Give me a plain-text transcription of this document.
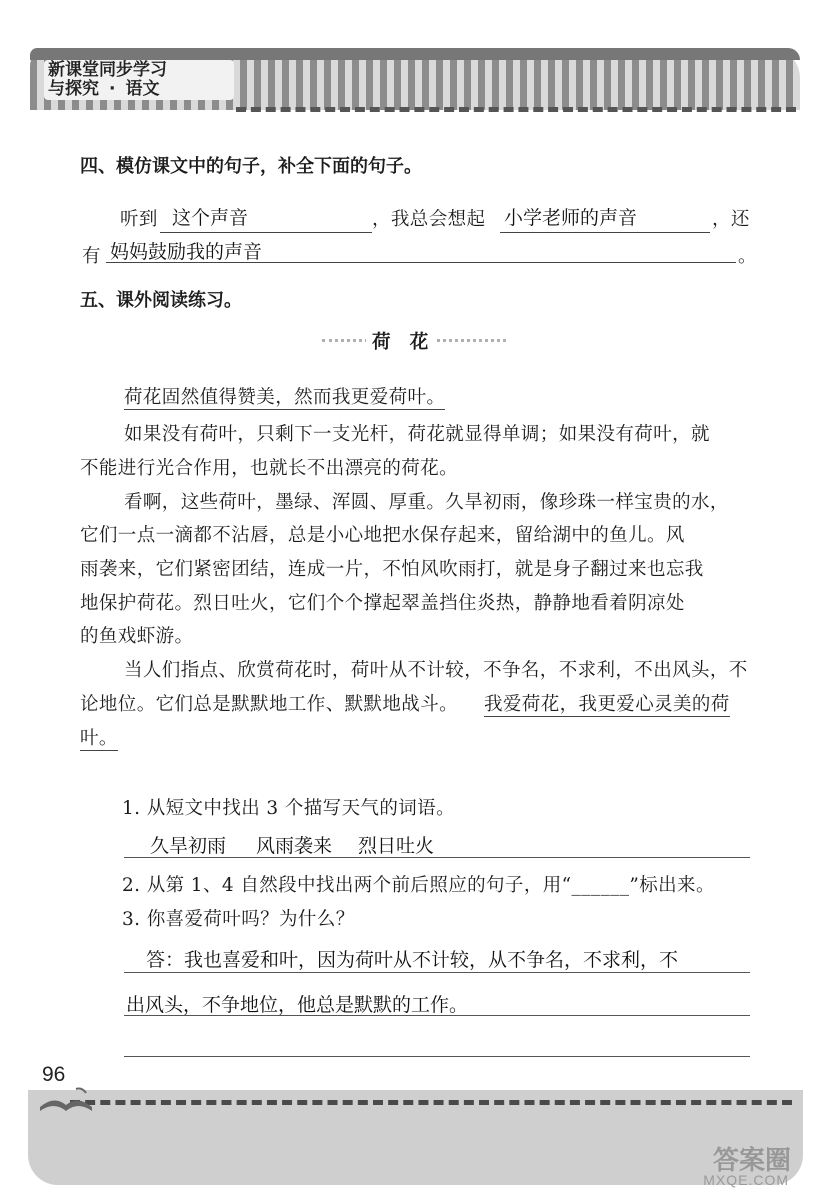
新课堂同步学习
与探究 · 语文
四、模仿课文中的句子，补全下面的句子。
听到 这个声音	，我总会想起 小学老师的声音	，还
有 妈妈鼓励我的声音	。
五、课外阅读练习。
荷　花
荷花固然值得赞美，然而我更爱荷叶。
如果没有荷叶，只剩下一支光杆，荷花就显得单调；如果没有荷叶，就
不能进行光合作用，也就长不出漂亮的荷花。
看啊，这些荷叶，墨绿、浑圆、厚重。久旱初雨，像珍珠一样宝贵的水，
它们一点一滴都不沾唇，总是小心地把水保存起来，留给湖中的鱼儿。风
雨袭来，它们紧密团结，连成一片，不怕风吹雨打，就是身子翻过来也忘我
地保护荷花。烈日吐火，它们个个撑起翠盖挡住炎热，静静地看着阴凉处
的鱼戏虾游。
当人们指点、欣赏荷花时，荷叶从不计较，不争名，不求利，不出风头，不
论地位。它们总是默默地工作、默默地战斗。 我爱荷花，我更爱心灵美的荷
叶。
1. 从短文中找出 3 个描写天气的词语。
久旱初雨 风雨袭来 烈日吐火
2. 从第 1、4 自然段中找出两个前后照应的句子，用“______”标出来。
3. 你喜爱荷叶吗？为什么？
答：我也喜爱和叶，因为荷叶从不计较，从不争名，不求利，不
出风头，不争地位，他总是默默的工作。
96
答案圈
MXQE.COM
